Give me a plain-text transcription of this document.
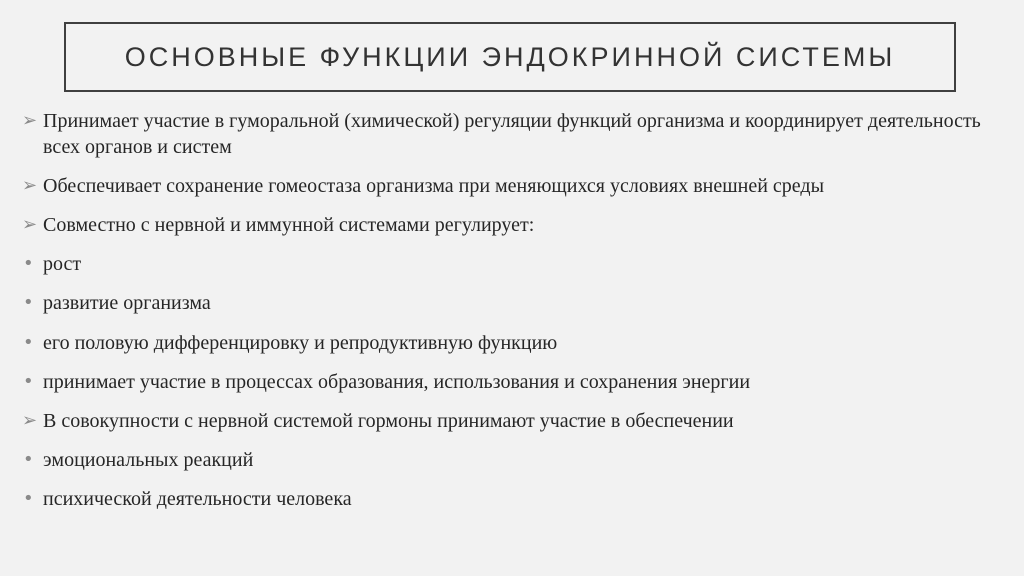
ОСНОВНЫЕ ФУНКЦИИ ЭНДОКРИННОЙ СИСТЕМЫ
➢ Принимает участие в гуморальной (химической) регуляции функций организма и координирует деятельность всех органов и систем
➢ Обеспечивает сохранение гомеостаза организма при меняющихся условиях внешней среды
➢ Совместно с нервной и иммунной системами регулирует:
• рост
• развитие организма
• его половую дифференцировку и репродуктивную функцию
• принимает участие в процессах образования, использования и сохранения энергии
➢ В совокупности с нервной системой гормоны принимают участие в обеспечении
• эмоциональных реакций
• психической деятельности человека
